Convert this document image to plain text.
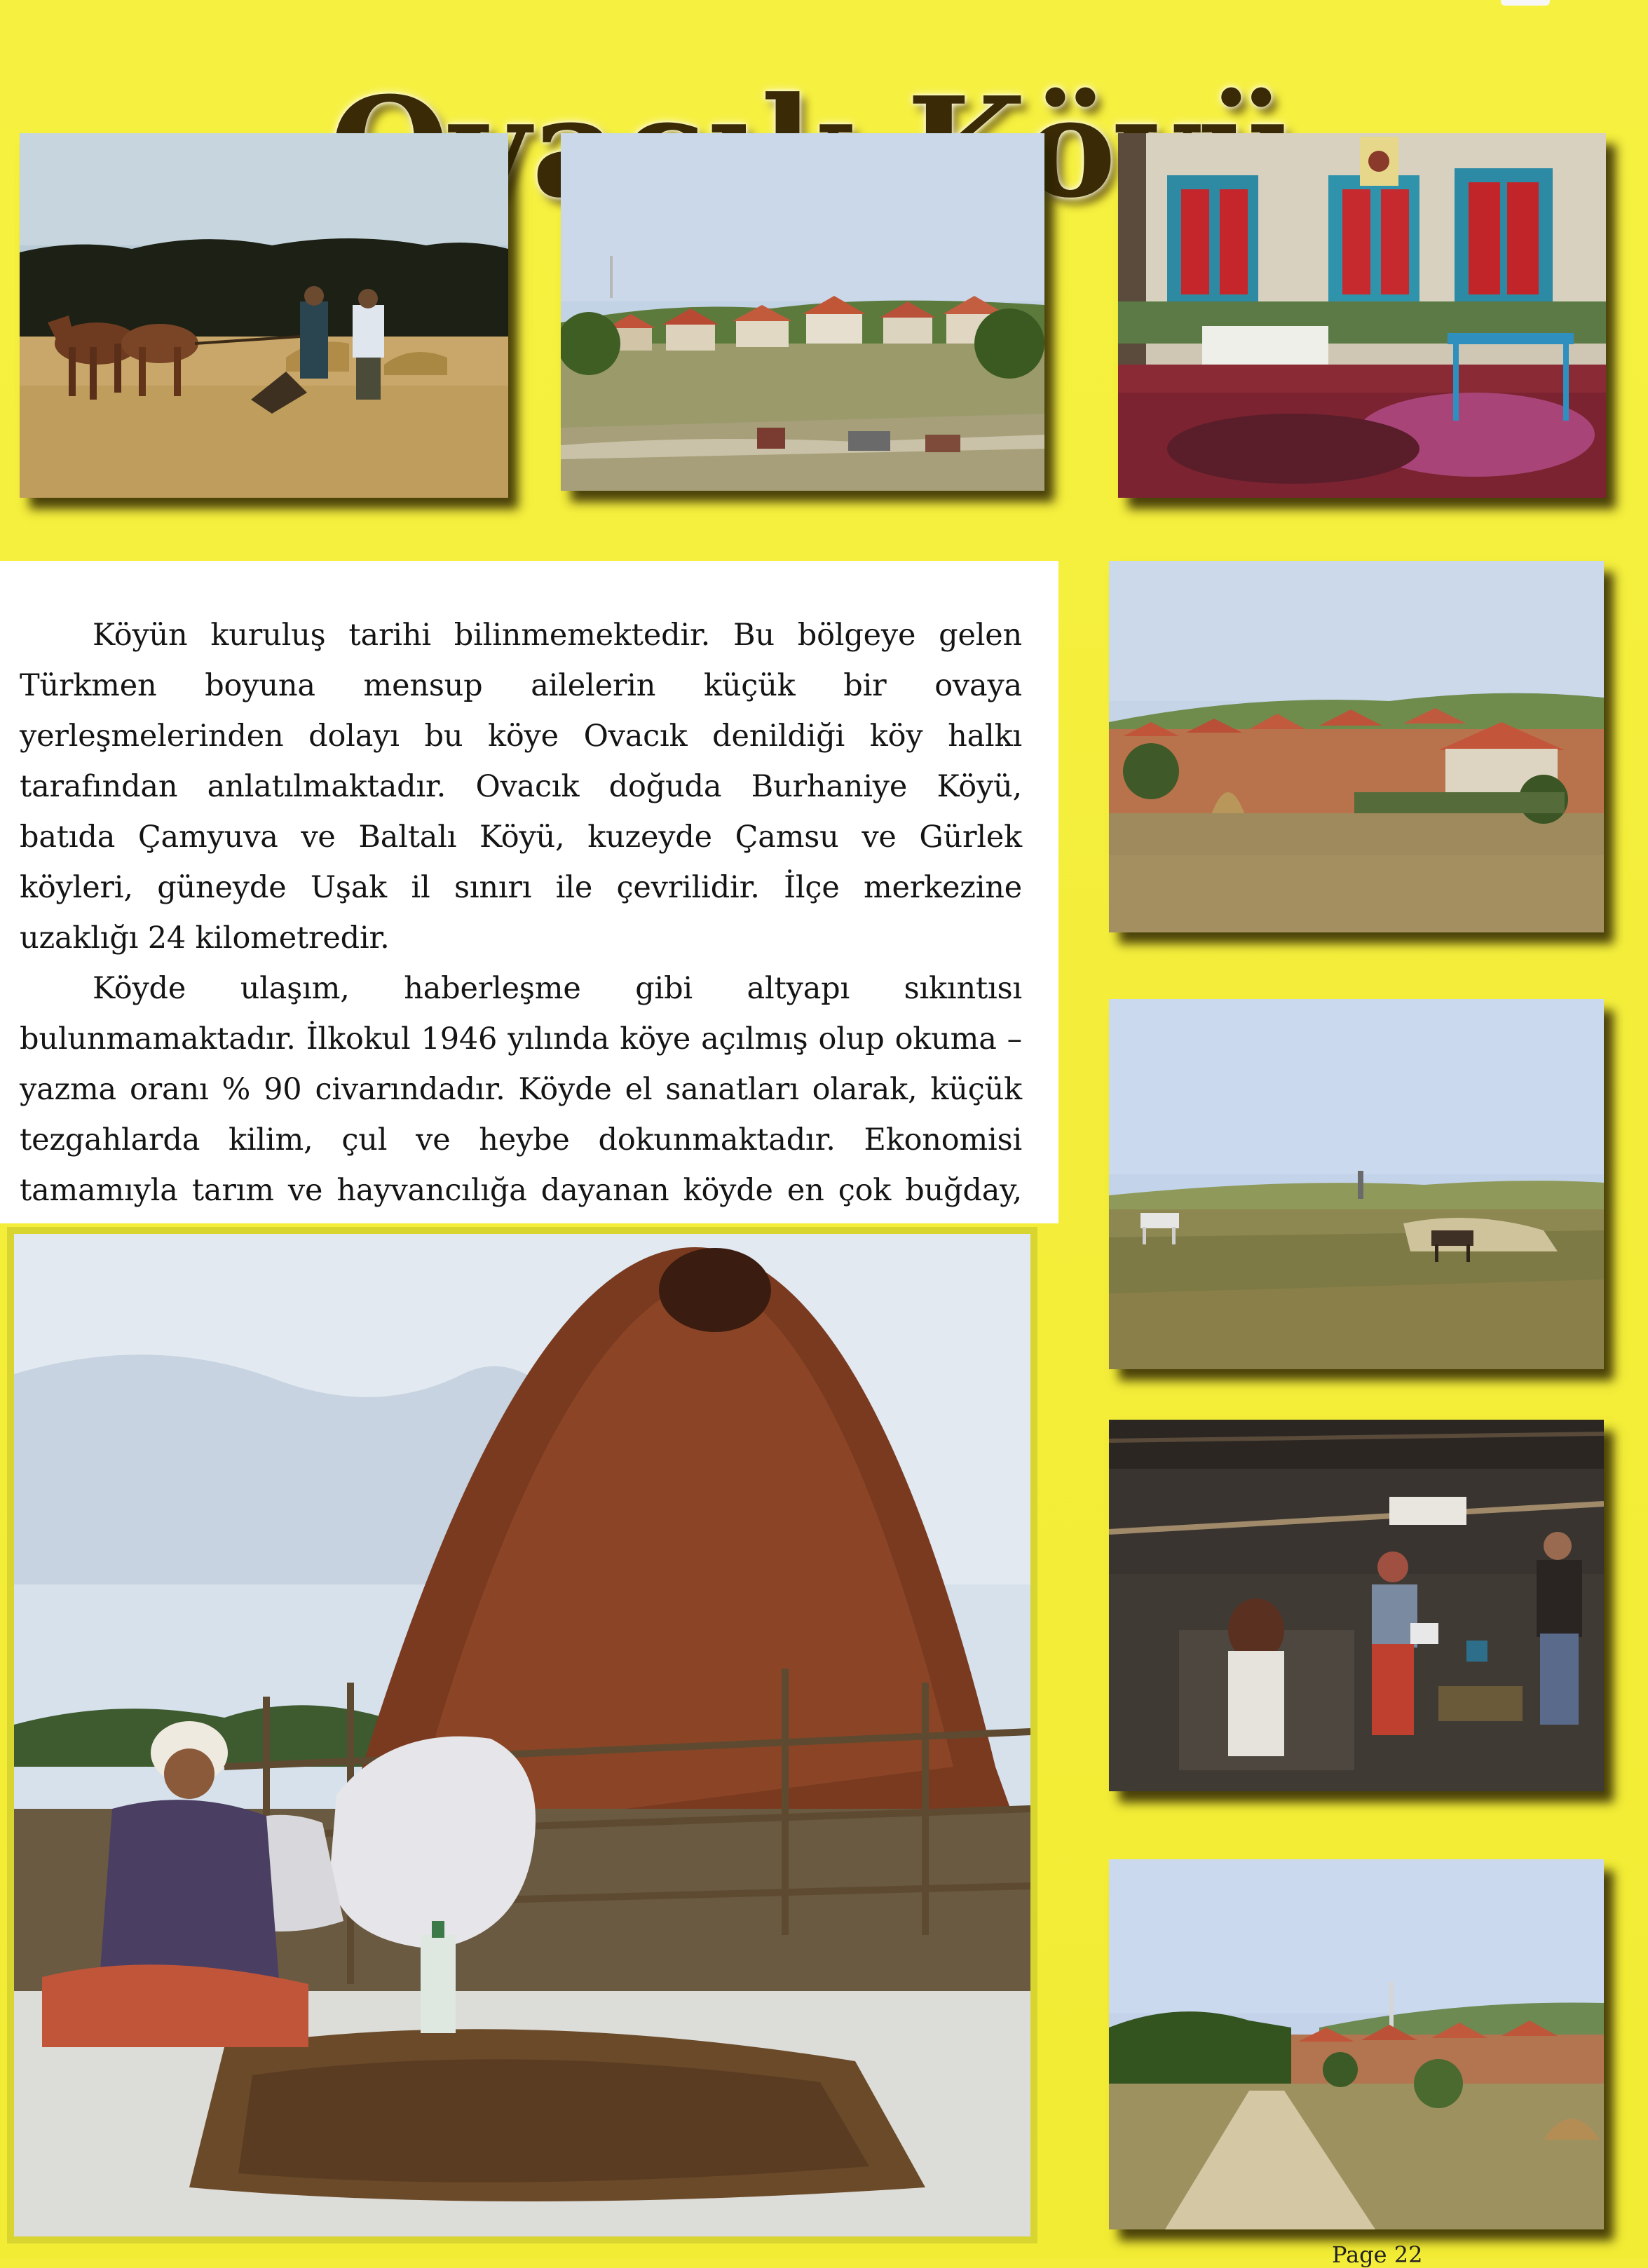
Köyü

Köyün kuruluş tarihi bilinmemektedir. Bu bölgeye gelen Türkmen boyuna mensup ailelerin küçük bir ovaya yerleşmelerinden dolayı bu köye Ovacık denildiği köy halkı tarafından anlatılmaktadır. Ovacık doğuda Burhaniye Köyü, batıda Çamyuva ve Baltalı Köyü, kuzeyde Çamsu ve Gürlek köyleri, güneyde Uşak il sınırı ile çevrilidir. İlçe merkezine uzaklığı 24 kilometredir.

Köyde ulaşım, haberleşme gibi altyapı sıkıntısı bulunmamaktadır. İlkokul 1946 yılında köye açılmış olup okuma – yazma oranı % 90 civarındadır. Köyde el sanatları olarak, küçük tezgahlarda kilim, çul ve heybe dokunmaktadır. Ekonomisi tamamıyla tarım ve hayvancılığa dayanan köyde en çok buğday,

Page 22
